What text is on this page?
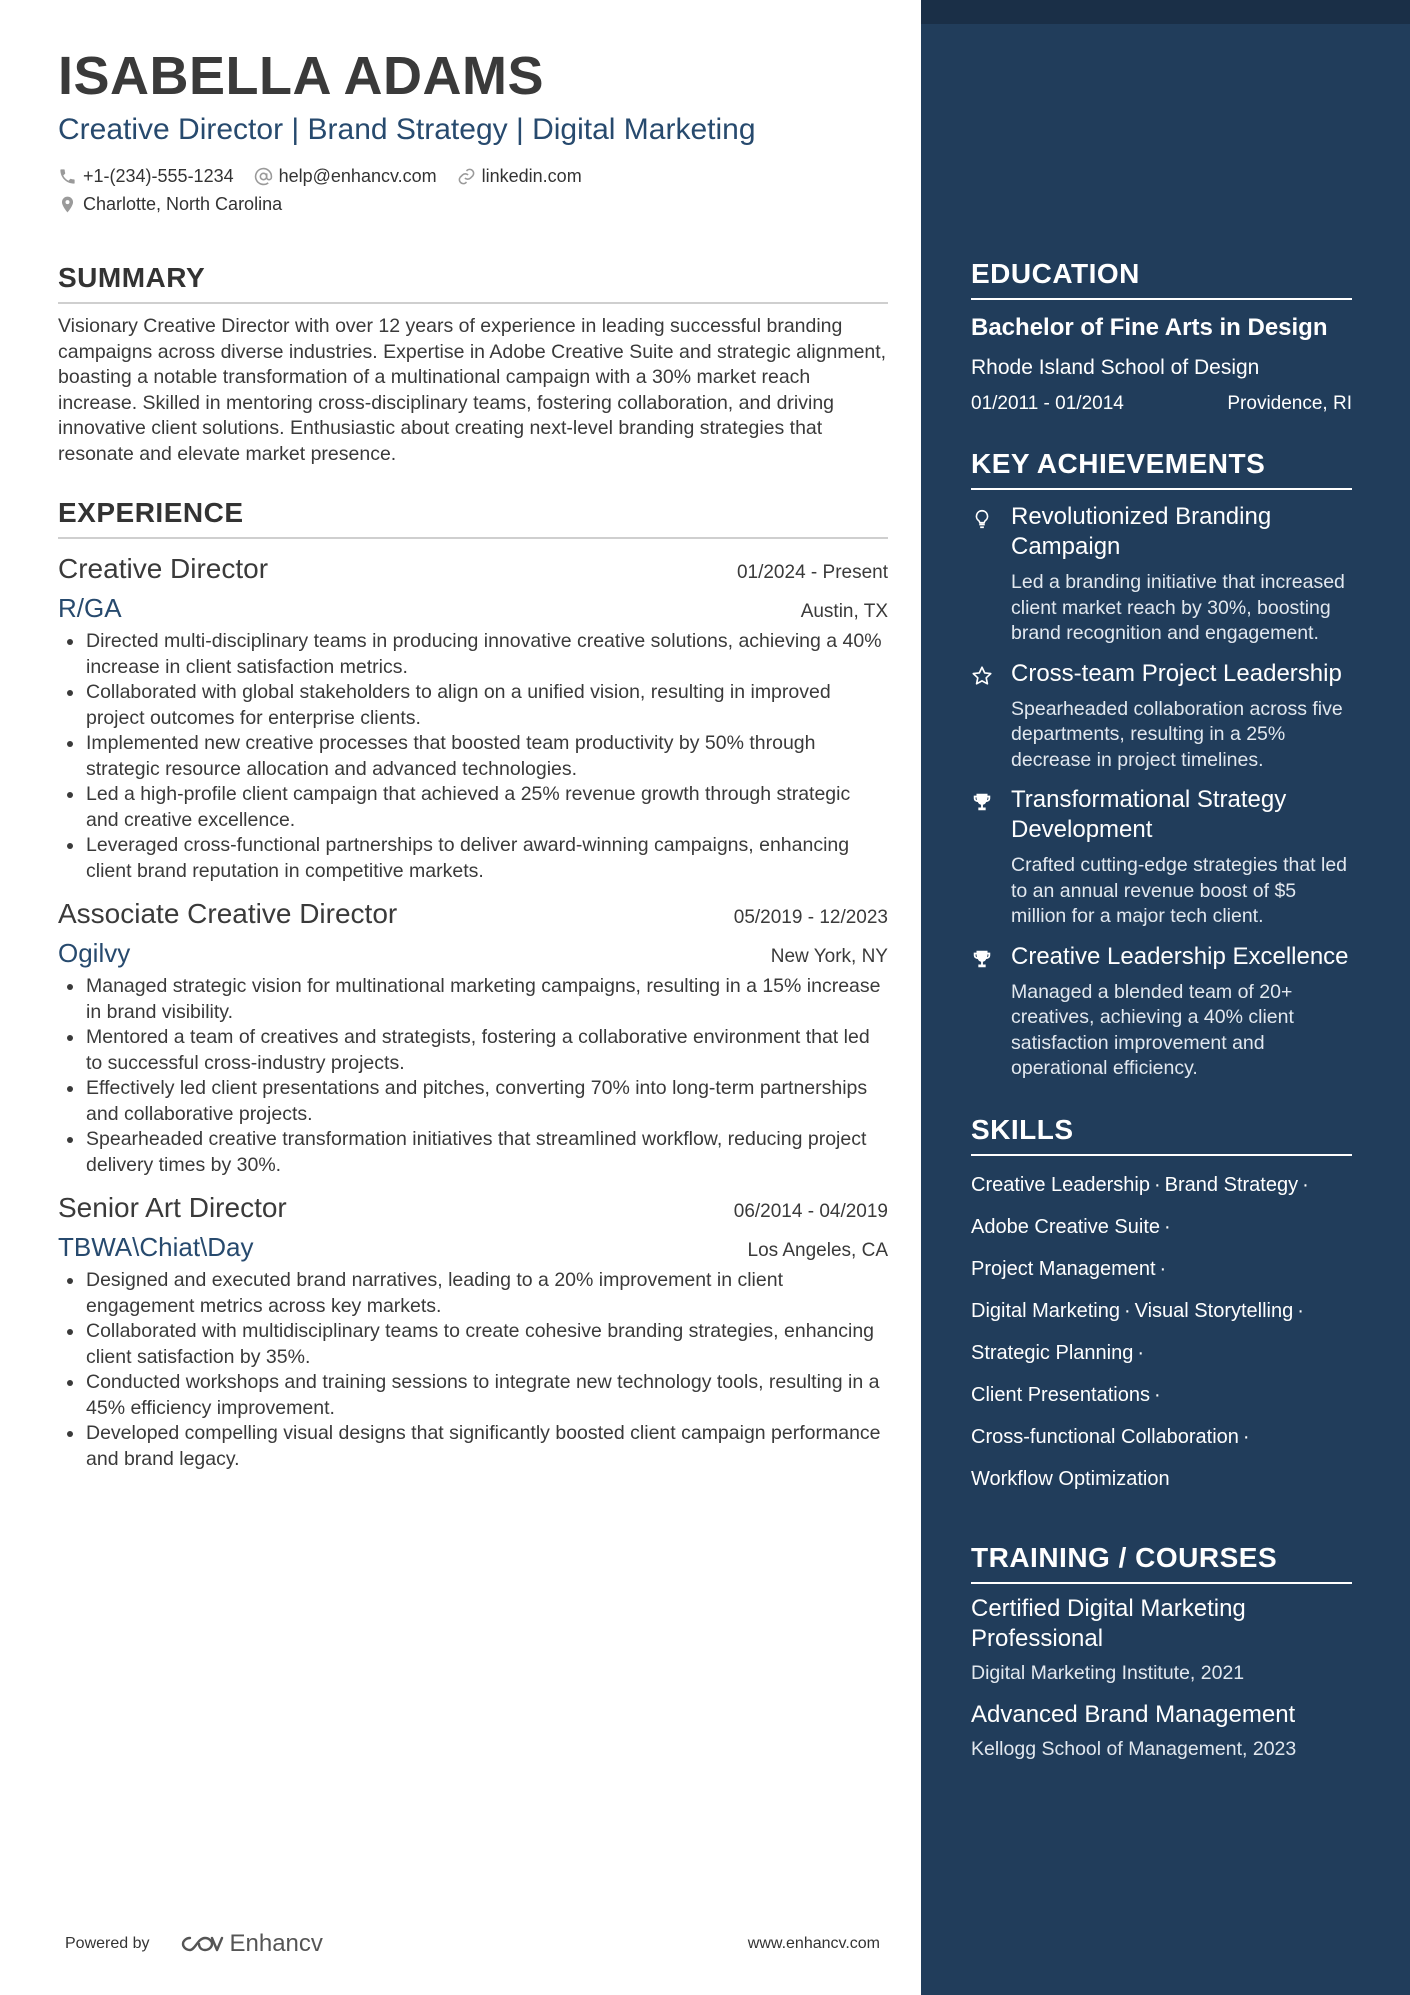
ISABELLA ADAMS
Creative Director | Brand Strategy | Digital Marketing
+1-(234)-555-1234	help@enhancv.com	linkedin.com
Charlotte, North Carolina
SUMMARY

Visionary Creative Director with over 12 years of experience in leading successful branding campaigns across diverse industries. Expertise in Adobe Creative Suite and strategic alignment, boasting a notable transformation of a multinational campaign with a 30% market reach increase. Skilled in mentoring cross-disciplinary teams, fostering collaboration, and driving innovative client solutions. Enthusiastic about creating next-level branding strategies that resonate and elevate market presence.

EXPERIENCE
Creative Director	01/2024 - Present
R/GA	Austin, TX
Directed multi-disciplinary teams in producing innovative creative solutions, achieving a 40% increase in client satisfaction metrics.
Collaborated with global stakeholders to align on a unified vision, resulting in improved project outcomes for enterprise clients.
Implemented new creative processes that boosted team productivity by 50% through strategic resource allocation and advanced technologies.
Led a high-profile client campaign that achieved a 25% revenue growth through strategic and creative excellence.
Leveraged cross-functional partnerships to deliver award-winning campaigns, enhancing client brand reputation in competitive markets.
Associate Creative Director	05/2019 - 12/2023
Ogilvy	New York, NY
Managed strategic vision for multinational marketing campaigns, resulting in a 15% increase in brand visibility.
Mentored a team of creatives and strategists, fostering a collaborative environment that led to successful cross-industry projects.
Effectively led client presentations and pitches, converting 70% into long-term partnerships and collaborative projects.
Spearheaded creative transformation initiatives that streamlined workflow, reducing project delivery times by 30%.
Senior Art Director	06/2014 - 04/2019
TBWA\Chiat\Day	Los Angeles, CA
Designed and executed brand narratives, leading to a 20% improvement in client engagement metrics across key markets.
Collaborated with multidisciplinary teams to create cohesive branding strategies, enhancing client satisfaction by 35%.
Conducted workshops and training sessions to integrate new technology tools, resulting in a 45% efficiency improvement.
Developed compelling visual designs that significantly boosted client campaign performance and brand legacy.
Powered by	Enhancv	www.enhancv.com
EDUCATION
Bachelor of Fine Arts in Design
Rhode Island School of Design
01/2011 - 01/2014	Providence, RI
KEY ACHIEVEMENTS
Revolutionized Branding Campaign
Led a branding initiative that increased client market reach by 30%, boosting brand recognition and engagement.
Cross-team Project Leadership
Spearheaded collaboration across five departments, resulting in a 25% decrease in project timelines.
Transformational Strategy Development
Crafted cutting-edge strategies that led to an annual revenue boost of $5 million for a major tech client.
Creative Leadership Excellence
Managed a blended team of 20+ creatives, achieving a 40% client satisfaction improvement and operational efficiency.
SKILLS
Creative Leadership · Brand Strategy ·
Adobe Creative Suite ·
Project Management ·
Digital Marketing · Visual Storytelling ·
Strategic Planning ·
Client Presentations ·
Cross-functional Collaboration ·
Workflow Optimization
TRAINING / COURSES
Certified Digital Marketing Professional
Digital Marketing Institute, 2021
Advanced Brand Management
Kellogg School of Management, 2023
